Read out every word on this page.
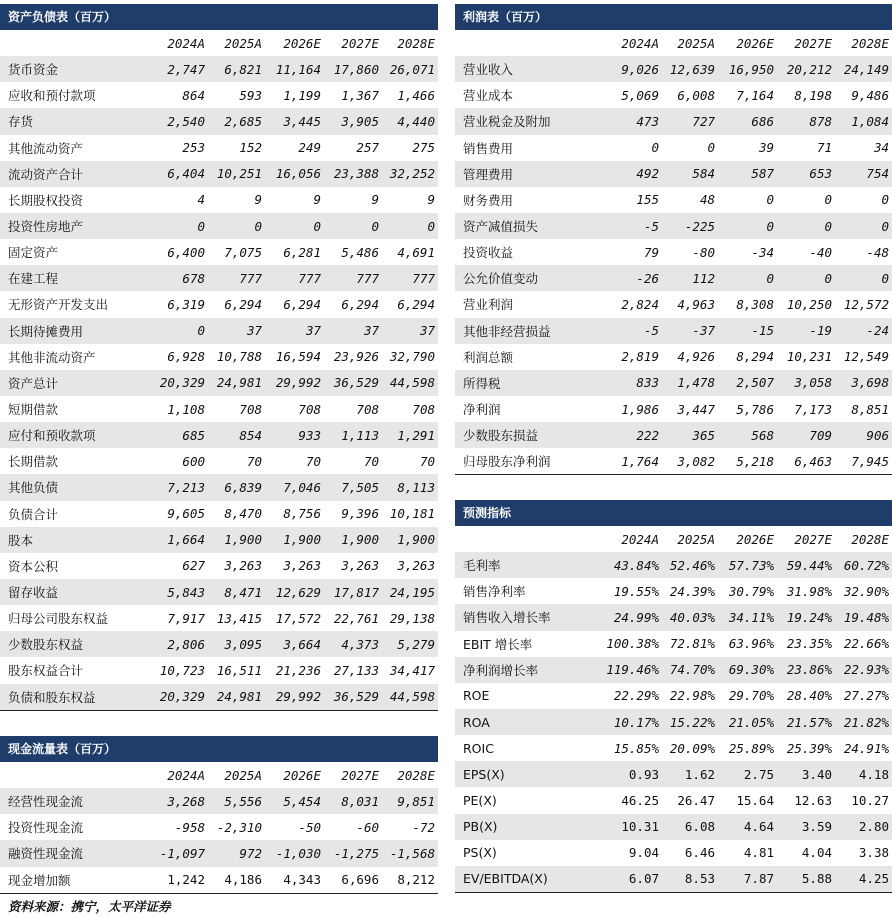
资产负债表（百万）
	2024A	2025A	2026E	2027E	2028E
货币资金	2,747	6,821	11,164	17,860	26,071
应收和预付款项	864	593	1,199	1,367	1,466
存货	2,540	2,685	3,445	3,905	4,440
其他流动资产	253	152	249	257	275
流动资产合计	6,404	10,251	16,056	23,388	32,252
长期股权投资	4	9	9	9	9
投资性房地产	0	0	0	0	0
固定资产	6,400	7,075	6,281	5,486	4,691
在建工程	678	777	777	777	777
无形资产开发支出	6,319	6,294	6,294	6,294	6,294
长期待摊费用	0	37	37	37	37
其他非流动资产	6,928	10,788	16,594	23,926	32,790
资产总计	20,329	24,981	29,992	36,529	44,598
短期借款	1,108	708	708	708	708
应付和预收款项	685	854	933	1,113	1,291
长期借款	600	70	70	70	70
其他负债	7,213	6,839	7,046	7,505	8,113
负债合计	9,605	8,470	8,756	9,396	10,181
股本	1,664	1,900	1,900	1,900	1,900
资本公积	627	3,263	3,263	3,263	3,263
留存收益	5,843	8,471	12,629	17,817	24,195
归母公司股东权益	7,917	13,415	17,572	22,761	29,138
少数股东权益	2,806	3,095	3,664	4,373	5,279
股东权益合计	10,723	16,511	21,236	27,133	34,417
负债和股东权益	20,329	24,981	29,992	36,529	44,598
现金流量表（百万）
	2024A	2025A	2026E	2027E	2028E
经营性现金流	3,268	5,556	5,454	8,031	9,851
投资性现金流	-958	-2,310	-50	-60	-72
融资性现金流	-1,097	972	-1,030	-1,275	-1,568
现金增加额	1,242	4,186	4,343	6,696	8,212
利润表（百万）
	2024A	2025A	2026E	2027E	2028E
营业收入	9,026	12,639	16,950	20,212	24,149
营业成本	5,069	6,008	7,164	8,198	9,486
营业税金及附加	473	727	686	878	1,084
销售费用	0	0	39	71	34
管理费用	492	584	587	653	754
财务费用	155	48	0	0	0
资产减值损失	-5	-225	0	0	0
投资收益	79	-80	-34	-40	-48
公允价值变动	-26	112	0	0	0
营业利润	2,824	4,963	8,308	10,250	12,572
其他非经营损益	-5	-37	-15	-19	-24
利润总额	2,819	4,926	8,294	10,231	12,549
所得税	833	1,478	2,507	3,058	3,698
净利润	1,986	3,447	5,786	7,173	8,851
少数股东损益	222	365	568	709	906
归母股东净利润	1,764	3,082	5,218	6,463	7,945
预测指标
	2024A	2025A	2026E	2027E	2028E
毛利率	43.84%	52.46%	57.73%	59.44%	60.72%
销售净利率	19.55%	24.39%	30.79%	31.98%	32.90%
销售收入增长率	24.99%	40.03%	34.11%	19.24%	19.48%
EBIT 增长率	100.38%	72.81%	63.96%	23.35%	22.66%
净利润增长率	119.46%	74.70%	69.30%	23.86%	22.93%
ROE	22.29%	22.98%	29.70%	28.40%	27.27%
ROA	10.17%	15.22%	21.05%	21.57%	21.82%
ROIC	15.85%	20.09%	25.89%	25.39%	24.91%
EPS(X)	0.93	1.62	2.75	3.40	4.18
PE(X)	46.25	26.47	15.64	12.63	10.27
PB(X)	10.31	6.08	4.64	3.59	2.80
PS(X)	9.04	6.46	4.81	4.04	3.38
EV/EBITDA(X)	6.07	8.53	7.87	5.88	4.25
资料来源：携宁，太平洋证券
